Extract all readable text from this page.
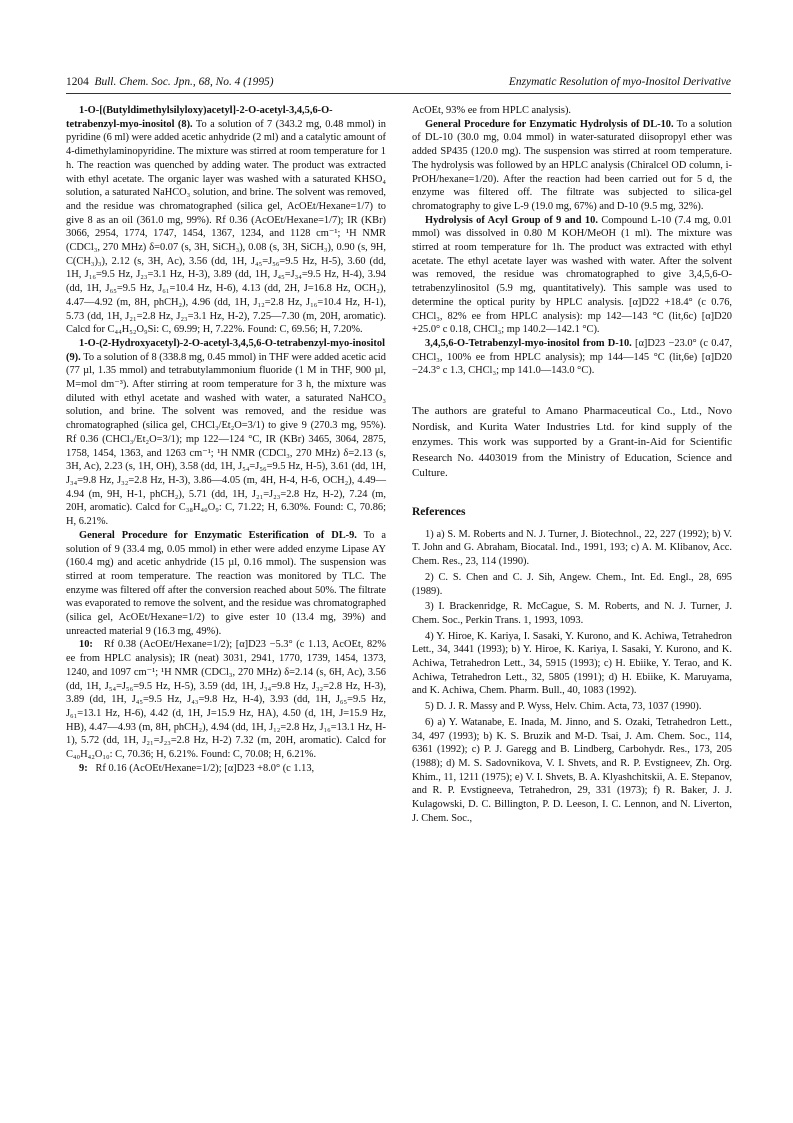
1204 Bull. Chem. Soc. Jpn., 68, No. 4 (1995)	Enzymatic Resolution of myo-Inositol Derivative

1-O-[(Butyldimethylsilyloxy)acetyl]-2-O-acetyl-3,4,5,6-O-tetrabenzyl-myo-inositol (8). To a solution of 7 (343.2 mg, 0.48 mmol) in pyridine (6 ml) were added acetic anhydride (2 ml) and a catalytic amount of 4-dimethylaminopyridine. The mixture was stirred at room temperature for 1 h. The reaction was quenched by adding water. The product was extracted with ethyl acetate. The organic layer was washed with a saturated KHSO₄ solution, a saturated NaHCO₃ solution, and brine. The solvent was removed, and the residue was chromatographed (silica gel, AcOEt/Hexane=1/7) to give 8 as an oil (361.0 mg, 99%). Rf 0.36 (AcOEt/Hexane=1/7); IR (KBr) 3066, 2954, 1774, 1747, 1454, 1367, 1234, and 1128 cm⁻¹; ¹H NMR (CDCl₃, 270 MHz) δ=0.07 (s, 3H, SiCH₃), 0.08 (s, 3H, SiCH₃), 0.90 (s, 9H, C(CH₃)₃), 2.12 (s, 3H, Ac), 3.56 (dd, 1H, J₄₅=J₅₆=9.5 Hz, H-5), 3.60 (dd, 1H, J₁₆=9.5 Hz, J₂₃=3.1 Hz, H-3), 3.89 (dd, 1H, J₄₅=J₃₄=9.5 Hz, H-4), 3.94 (dd, 1H, J₆₅=9.5 Hz, J₆₁=10.4 Hz, H-6), 4.13 (dd, 2H, J=16.8 Hz, OCH₂), 4.47—4.92 (m, 8H, phCH₂), 4.96 (dd, 1H, J₁₂=2.8 Hz, J₁₆=10.4 Hz, H-1), 5.73 (dd, 1H, J₂₁=2.8 Hz, J₂₃=3.1 Hz, H-2), 7.25—7.30 (m, 20H, aromatic). Calcd for C₄₄H₅₂O₉Si: C, 69.99; H, 7.22%. Found: C, 69.56; H, 7.20%.

1-O-(2-Hydroxyacetyl)-2-O-acetyl-3,4,5,6-O-tetrabenzyl-myo-inositol (9). To a solution of 8 (338.8 mg, 0.45 mmol) in THF were added acetic acid (77 µl, 1.35 mmol) and tetrabutylammonium fluoride (1 M in THF, 900 µl, M=mol dm⁻³). After stirring at room temperature for 3 h, the mixture was diluted with ethyl acetate and washed with water, a saturated NaHCO₃ solution, and brine. The solvent was removed, and the residue was chromatographed (silica gel, CHCl₃/Et₂O=3/1) to give 9 (270.3 mg, 95%). Rf 0.36 (CHCl₃/Et₂O=3/1); mp 122—124 °C, IR (KBr) 3465, 3064, 2875, 1758, 1454, 1363, and 1263 cm⁻¹; ¹H NMR (CDCl₃, 270 MHz) δ=2.13 (s, 3H, Ac), 2.23 (s, 1H, OH), 3.58 (dd, 1H, J₅₄=J₅₆=9.5 Hz, H-5), 3.61 (dd, 1H, J₃₄=9.8 Hz, J₃₂=2.8 Hz, H-3), 3.86—4.05 (m, 4H, H-4, H-6, OCH₂), 4.49—4.94 (m, 9H, H-1, phCH₂), 5.71 (dd, 1H, J₂₁=J₂₃=2.8 Hz, H-2), 7.24 (m, 20H, aromatic). Calcd for C₃₈H₄₀O₉: C, 71.22; H, 6.30%. Found: C, 70.86; H, 6.21%.

General Procedure for Enzymatic Esterification of DL-9. To a solution of 9 (33.4 mg, 0.05 mmol) in ether were added enzyme Lipase AY (160.4 mg) and acetic anhydride (15 µl, 0.16 mmol). The suspension was stirred at room temperature. The reaction was monitored by TLC. The enzyme was filtered off after the conversion reached about 50%. The filtrate was evaporated to remove the solvent, and the residue was chromatographed (silica gel, AcOEt/Hexane=1/2) to give ester 10 (13.4 mg, 39%) and unreacted material 9 (16.3 mg, 49%).

10: Rf 0.38 (AcOEt/Hexane=1/2); [α]D23 −5.3° (c 1.13, AcOEt, 82% ee from HPLC analysis); IR (neat) 3031, 2941, 1770, 1739, 1454, 1373, 1240, and 1097 cm⁻¹; ¹H NMR (CDCl₃, 270 MHz) δ=2.14 (s, 6H, Ac), 3.56 (dd, 1H, J₅₄=J₅₆=9.5 Hz, H-5), 3.59 (dd, 1H, J₃₄=9.8 Hz, J₃₂=2.8 Hz, H-3), 3.89 (dd, 1H, J₄₅=9.5 Hz, J₄₃=9.8 Hz, H-4), 3.93 (dd, 1H, J₆₅=9.5 Hz, J₆₁=13.1 Hz, H-6), 4.42 (d, 1H, J=15.9 Hz, HA), 4.50 (d, 1H, J=15.9 Hz, HB), 4.47—4.93 (m, 8H, phCH₂), 4.94 (dd, 1H, J₁₂=2.8 Hz, J₁₆=13.1 Hz, H-1), 5.72 (dd, 1H, J₂₁=J₂₃=2.8 Hz, H-2) 7.32 (m, 20H, aromatic). Calcd for C₄₀H₄₂O₁₀: C, 70.36; H, 6.21%. Found: C, 70.08; H, 6.21%.

9: Rf 0.16 (AcOEt/Hexane=1/2); [α]D23 +8.0° (c 1.13,

AcOEt, 93% ee from HPLC analysis).

General Procedure for Enzymatic Hydrolysis of DL-10. To a solution of DL-10 (30.0 mg, 0.04 mmol) in water-saturated diisopropyl ether was added SP435 (120.0 mg). The suspension was stirred at room temperature. The hydrolysis was followed by an HPLC analysis (Chiralcel OD column, i-PrOH/hexane=1/20). After the reaction had been carried out for 5 d, the enzyme was filtered off. The filtrate was subjected to silica-gel chromatography to give L-9 (19.0 mg, 67%) and D-10 (9.5 mg, 32%).

Hydrolysis of Acyl Group of 9 and 10. Compound L-10 (7.4 mg, 0.01 mmol) was dissolved in 0.80 M KOH/MeOH (1 ml). The mixture was stirred at room temperature for 1h. The product was extracted with ethyl acetate. The ethyl acetate layer was washed with water. After the solvent was removed, the residue was chromatographed to give 3,4,5,6-O-tetrabenzylinositol (5.9 mg, quantitatively). This sample was used to determine the optical purity by HPLC analysis. [α]D22 +18.4° (c 0.76, CHCl₃, 82% ee from HPLC analysis): mp 142—143 °C (lit,6c) [α]D20 +25.0° c 0.18, CHCl₃; mp 140.2—142.1 °C).

3,4,5,6-O-Tetrabenzyl-myo-inositol from D-10. [α]D23 −23.0° (c 0.47, CHCl₃, 100% ee from HPLC analysis); mp 144—145 °C (lit,6e) [α]D20 −24.3° c 1.3, CHCl₃; mp 141.0—143.0 °C).

The authors are grateful to Amano Pharmaceutical Co., Ltd., Novo Nordisk, and Kurita Water Industries Ltd. for kind supply of the enzymes. This work was supported by a Grant-in-Aid for Scientific Research No. 4403019 from the Ministry of Education, Science and Culture.

References

1) a) S. M. Roberts and N. J. Turner, J. Biotechnol., 22, 227 (1992); b) V. T. John and G. Abraham, Biocatal. Ind., 1991, 193; c) A. M. Klibanov, Acc. Chem. Res., 23, 114 (1990).

2) C. S. Chen and C. J. Sih, Angew. Chem., Int. Ed. Engl., 28, 695 (1989).

3) I. Brackenridge, R. McCague, S. M. Roberts, and N. J. Turner, J. Chem. Soc., Perkin Trans. 1, 1993, 1093.

4) Y. Hiroe, K. Kariya, I. Sasaki, Y. Kurono, and K. Achiwa, Tetrahedron Lett., 34, 3441 (1993); b) Y. Hiroe, K. Kariya, I. Sasaki, Y. Kurono, and K. Achiwa, Tetrahedron Lett., 34, 5915 (1993); c) H. Ebiike, Y. Terao, and K. Achiwa, Tetrahedron Lett., 32, 5805 (1991); d) H. Ebiike, K. Maruyama, and K. Achiwa, Chem. Pharm. Bull., 40, 1083 (1992).

5) D. J. R. Massy and P. Wyss, Helv. Chim. Acta, 73, 1037 (1990).

6) a) Y. Watanabe, E. Inada, M. Jinno, and S. Ozaki, Tetrahedron Lett., 34, 497 (1993); b) K. S. Bruzik and M-D. Tsai, J. Am. Chem. Soc., 114, 6361 (1992); c) P. J. Garegg and B. Lindberg, Carbohydr. Res., 173, 205 (1988); d) M. S. Sadovnikova, V. I. Shvets, and R. P. Evstigneev, Zh. Org. Khim., 11, 1211 (1975); e) V. I. Shvets, B. A. Klyashchitskii, A. E. Stepanov, and R. P. Evstigneeva, Tetrahedron, 29, 331 (1973); f) R. Baker, J. J. Kulagowski, D. C. Billington, P. D. Leeson, I. C. Lennon, and N. Liverton, J. Chem. Soc.,
